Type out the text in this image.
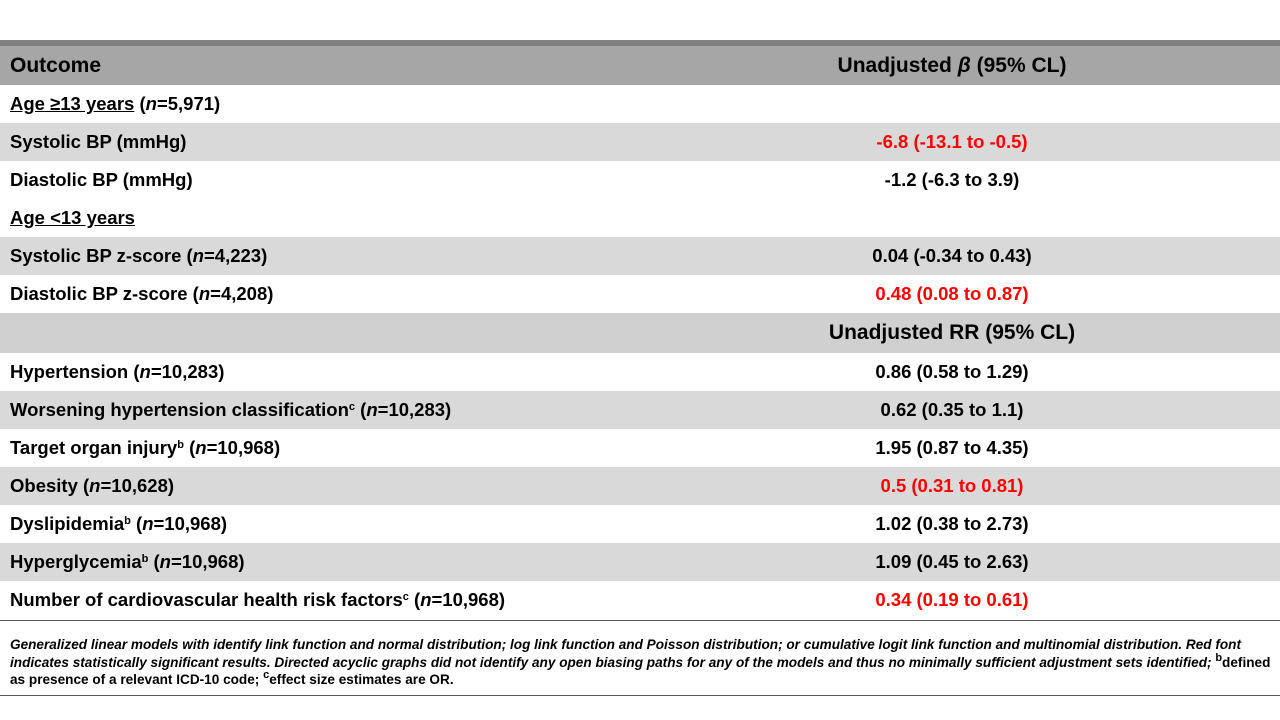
Outcome	Unadjusted β (95% CL)
Age ≥13 years (n=5,971)	
Systolic BP (mmHg)	-6.8 (-13.1 to -0.5)
Diastolic BP (mmHg)	-1.2 (-6.3 to 3.9)
Age <13 years	
Systolic BP z-score (n=4,223)	0.04 (-0.34 to 0.43)
Diastolic BP z-score (n=4,208)	0.48 (0.08 to 0.87)
	Unadjusted RR (95% CL)
Hypertension (n=10,283)	0.86 (0.58 to 1.29)
Worsening hypertension classification$^c$ (n=10,283)	0.62 (0.35 to 1.1)
Target organ injury$^b$ (n=10,968)	1.95 (0.87 to 4.35)
Obesity (n=10,628)	0.5 (0.31 to 0.81)
Dyslipidemia$^b$ (n=10,968)	1.02 (0.38 to 2.73)
Hyperglycemia$^b$ (n=10,968)	1.09 (0.45 to 2.63)
Number of cardiovascular health risk factors$^c$ (n=10,968)	0.34 (0.19 to 0.61)
Generalized linear models with identify link function and normal distribution; log link function and Poisson distribution; or cumulative logit link function and multinomial distribution. Red font indicates statistically significant results. Directed acyclic graphs did not identify any open biasing paths for any of the models and thus no minimally sufficient adjustment sets identified; $^b$defined as presence of a relevant ICD-10 code; $^c$effect size estimates are OR.
